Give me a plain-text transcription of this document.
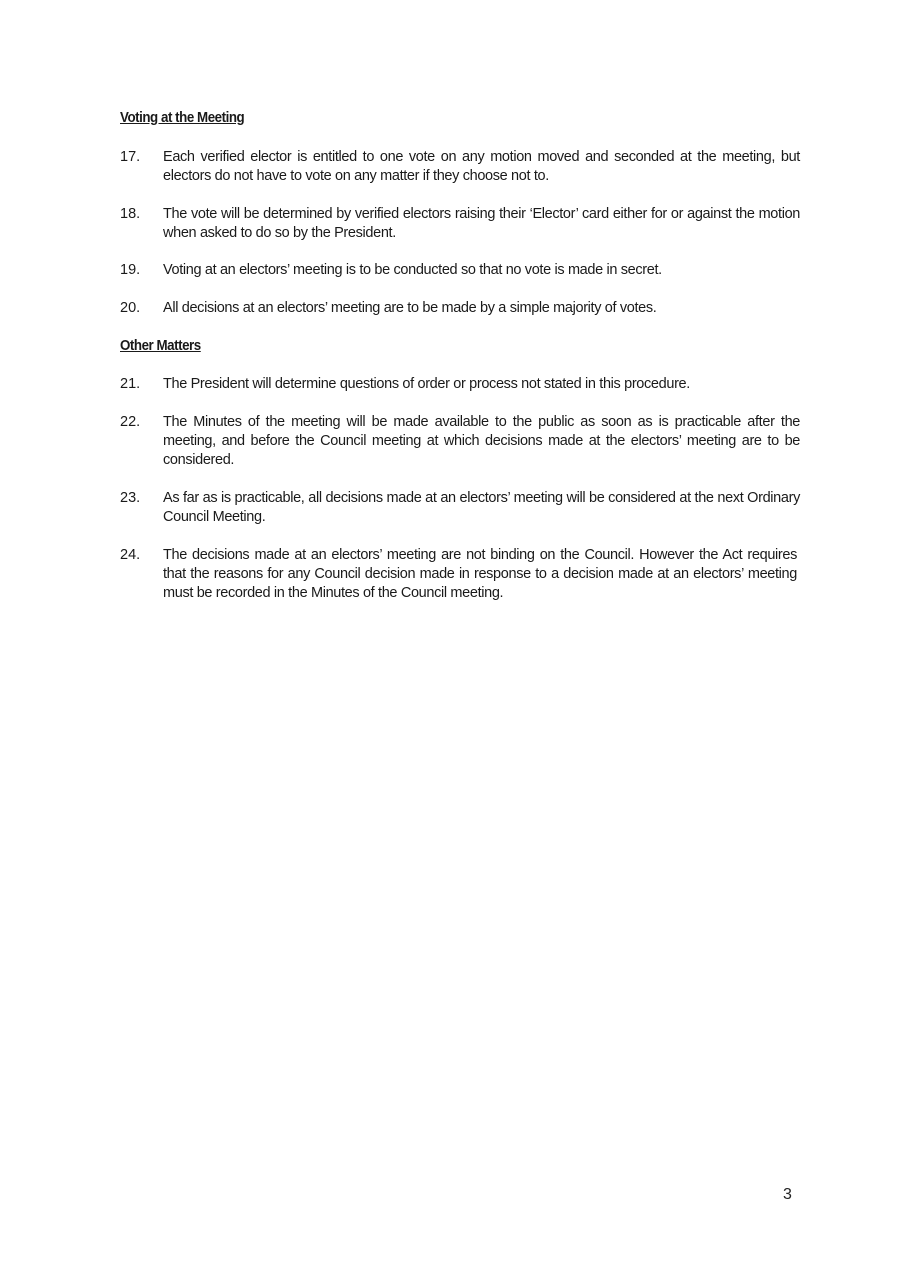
Voting at the Meeting
17.	Each verified elector is entitled to one vote on any motion moved and seconded at the meeting, but electors do not have to vote on any matter if they choose not to.
18.	The vote will be determined by verified electors raising their ‘Elector’ card either for or against the motion when asked to do so by the President.
19.	Voting at an electors’ meeting is to be conducted so that no vote is made in secret.
20.	All decisions at an electors’ meeting are to be made by a simple majority of votes.
Other Matters
21.	The President will determine questions of order or process not stated in this procedure.
22.	The Minutes of the meeting will be made available to the public as soon as is practicable after the meeting, and before the Council meeting at which decisions made at the electors’ meeting are to be considered.
23.	As far as is practicable, all decisions made at an electors’ meeting will be considered at the next Ordinary Council Meeting.
24.	The decisions made at an electors’ meeting are not binding on the Council. However the Act requires that the reasons for any Council decision made in response to a decision made at an electors’ meeting must be recorded in the Minutes of the Council meeting.
3
